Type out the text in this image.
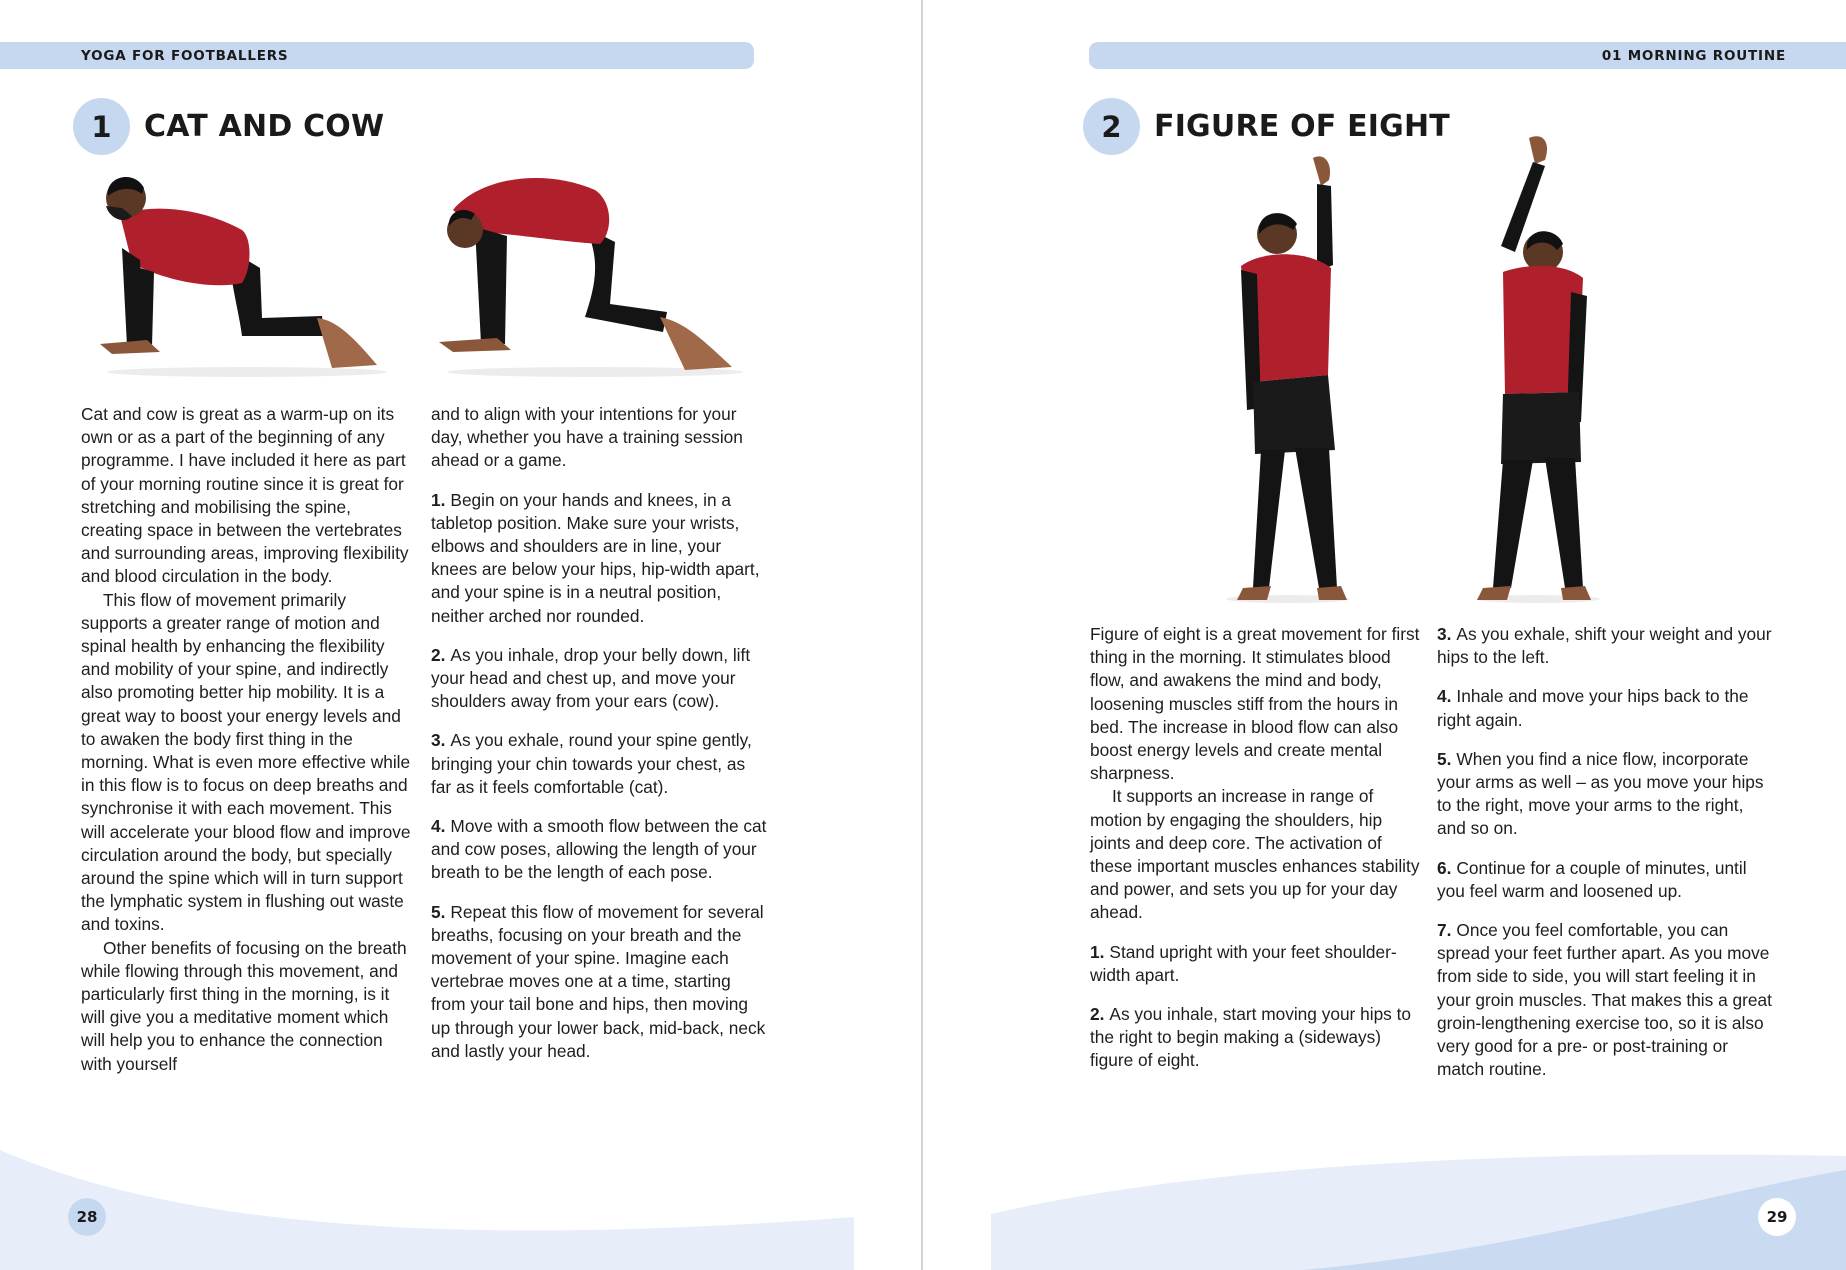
YOGA FOR FOOTBALLERS
1	CAT AND COW

Cat and cow is great as a warm-up on its own or as a part of the beginning of any programme. I have included it here as part of your morning routine since it is great for stretching and mobilising the spine, creating space in between the vertebrates and surrounding areas, improving flexibility and blood circulation in the body.

This flow of movement primarily supports a greater range of motion and spinal health by enhancing the flexibility and mobility of your spine, and indirectly also promoting better hip mobility. It is a great way to boost your energy levels and to awaken the body first thing in the morning. What is even more effective while in this flow is to focus on deep breaths and synchronise it with each movement. This will accelerate your blood flow and improve circulation around the body, but specially around the spine which will in turn support the lymphatic system in flushing out waste and toxins.

Other benefits of focusing on the breath while flowing through this movement, and particularly first thing in the morning, is it will give you a meditative moment which will help you to enhance the connection with yourself

and to align with your intentions for your day, whether you have a training session ahead or a game.

1. Begin on your hands and knees, in a tabletop position. Make sure your wrists, elbows and shoulders are in line, your knees are below your hips, hip-width apart, and your spine is in a neutral position, neither arched nor rounded.

2. As you inhale, drop your belly down, lift your head and chest up, and move your shoulders away from your ears (cow).

3. As you exhale, round your spine gently, bringing your chin towards your chest, as far as it feels comfortable (cat).

4. Move with a smooth flow between the cat and cow poses, allowing the length of your breath to be the length of each pose.

5. Repeat this flow of movement for several breaths, focusing on your breath and the movement of your spine. Imagine each vertebrae moves one at a time, starting from your tail bone and hips, then moving up through your lower back, mid-back, neck and lastly your head.

28
01 MORNING ROUTINE
2	FIGURE OF EIGHT

Figure of eight is a great movement for first thing in the morning. It stimulates blood flow, and awakens the mind and body, loosening muscles stiff from the hours in bed. The increase in blood flow can also boost energy levels and create mental sharpness.

It supports an increase in range of motion by engaging the shoulders, hip joints and deep core. The activation of these important muscles enhances stability and power, and sets you up for your day ahead.

1. Stand upright with your feet shoulder-width apart.

2. As you inhale, start moving your hips to the right to begin making a (sideways) figure of eight.

3. As you exhale, shift your weight and your hips to the left.

4. Inhale and move your hips back to the right again.

5. When you find a nice flow, incorporate your arms as well – as you move your hips to the right, move your arms to the right, and so on.

6. Continue for a couple of minutes, until you feel warm and loosened up.

7. Once you feel comfortable, you can spread your feet further apart. As you move from side to side, you will start feeling it in your groin muscles. That makes this a great groin-lengthening exercise too, so it is also very good for a pre- or post-training or match routine.

29
